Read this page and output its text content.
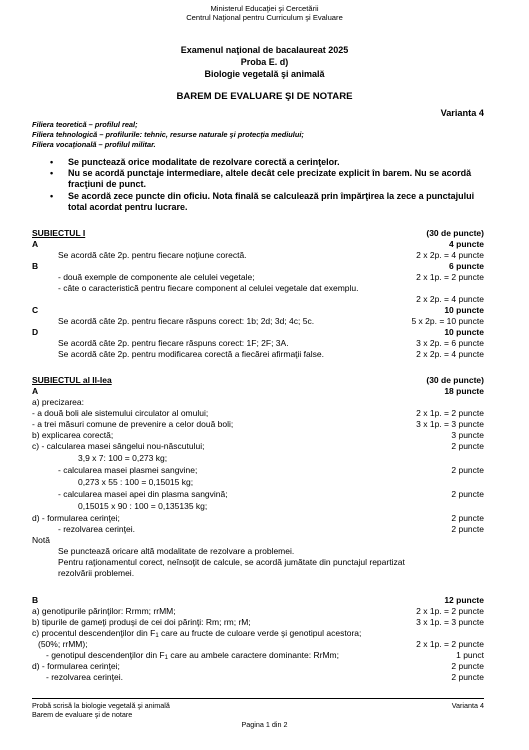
Ministerul Educaţiei şi Cercetării
Centrul Naţional pentru Curriculum şi Evaluare
Examenul naţional de bacalaureat 2025
Proba E. d)
Biologie vegetală şi animală
BAREM DE EVALUARE ŞI DE NOTARE
Varianta 4
Filiera teoretică – profilul real;
Filiera tehnologică – profilurile: tehnic, resurse naturale şi protecţia mediului;
Filiera vocaţională – profilul militar.
• Se punctează orice modalitate de rezolvare corectă a cerinţelor.
• Nu se acordă punctaje intermediare, altele decât cele precizate explicit în barem. Nu se acordă fracţiuni de punct.
• Se acordă zece puncte din oficiu. Nota finală se calculează prin împărţirea la zece a punctajului total acordat pentru lucrare.
SUBIECTUL I	(30 de puncte)
A	4 puncte
Se acordă câte 2p. pentru fiecare noţiune corectă.	2 x 2p. = 4 puncte
B	6 puncte
- două exemple de componente ale celulei vegetale;	2 x 1p. = 2 puncte
- câte o caracteristică pentru fiecare component al celulei vegetale dat exemplu.
2 x 2p. = 4 puncte
C	10 puncte
Se acordă câte 2p. pentru fiecare răspuns corect: 1b; 2d; 3d; 4c; 5c.	5 x 2p. = 10 puncte
D	10 puncte
Se acordă câte 2p. pentru fiecare răspuns corect: 1F; 2F; 3A.	3 x 2p. = 6 puncte
Se acordă câte 2p. pentru modificarea corectă a fiecărei afirmaţii false.	2 x 2p. = 4 puncte
SUBIECTUL al II-lea	(30 de puncte)
A	18 puncte
a) precizarea:
- a două boli ale sistemului circulator al omului;	2 x 1p. = 2 puncte
- a trei măsuri comune de prevenire a celor două boli;	3 x 1p. = 3 puncte
b) explicarea corectă;	3 puncte
c) - calcularea masei sângelui nou-născutului;	2 puncte
3,9 x 7: 100 = 0,273 kg;
- calcularea masei plasmei sangvine;	2 puncte
0,273 x 55 : 100 = 0,15015 kg;
- calcularea masei apei din plasma sangvină;	2 puncte
0,15015 x 90 : 100 = 0,135135 kg;
d) - formularea cerinţei;	2 puncte
- rezolvarea cerinţei.	2 puncte
Notă
Se punctează oricare altă modalitate de rezolvare a problemei.
Pentru raţionamentul corect, neînsoţit de calcule, se acordă jumătate din punctajul repartizat
rezolvării problemei.
B	12 puncte
a) genotipurile părinţilor: Rrmm; rrMM;	2 x 1p. = 2 puncte
b) tipurile de gameţi produşi de cei doi părinţi: Rm; rm; rM;	3 x 1p. = 3 puncte
c) procentul descendenţilor din F1 care au fructe de culoare verde şi genotipul acestora;
(50%; rrMM);	2 x 1p. = 2 puncte
- genotipul descendenţilor din F1 care au ambele caractere dominante: RrMm;	1 punct
d) - formularea cerinţei;	2 puncte
- rezolvarea cerinţei.	2 puncte
Probă scrisă la biologie vegetală şi animală
Barem de evaluare şi de notare
Varianta 4
Pagina 1 din 2
